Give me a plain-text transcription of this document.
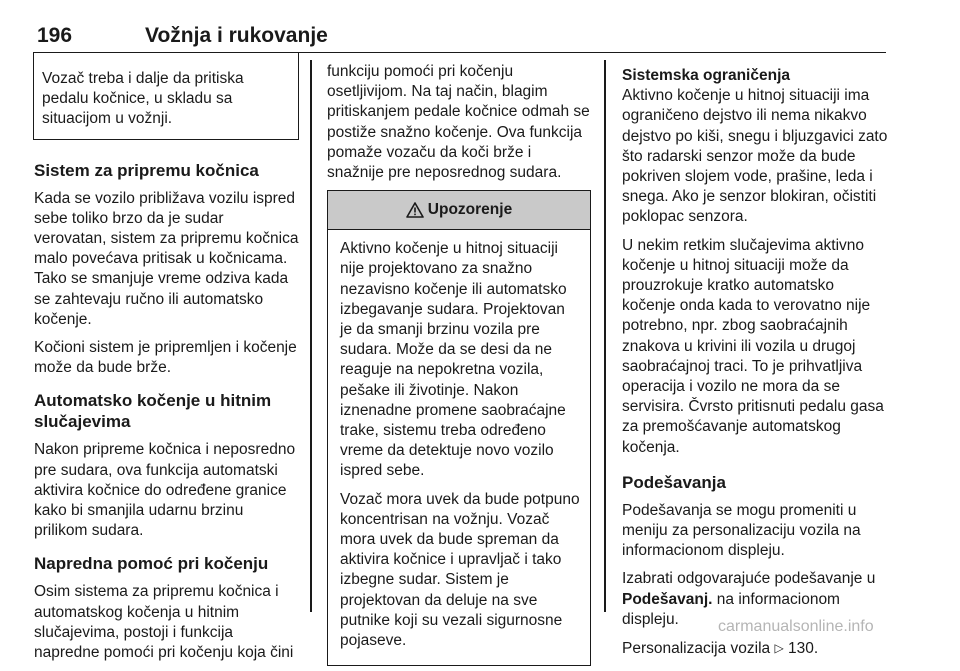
196	Vožnja i rukovanje

Vozač treba i dalje da pritiska pedalu kočnice, u skladu sa situacijom u vožnji.

Sistem za pripremu kočnica

Kada se vozilo približava vozilu ispred sebe toliko brzo da je sudar verovatan, sistem za pripremu kočnica malo povećava pritisak u kočnicama. Tako se smanjuje vreme odziva kada se zahtevaju ručno ili automatsko kočenje.

Kočioni sistem je pripremljen i kočenje može da bude brže.

Automatsko kočenje u hitnim slučajevima

Nakon pripreme kočnica i neposredno pre sudara, ova funkcija automatski aktivira kočnice do određene granice kako bi smanjila udarnu brzinu prilikom sudara.

Napredna pomoć pri kočenju

Osim sistema za pripremu kočnica i automatskog kočenja u hitnim slučajevima, postoji i funkcija napredne pomoći pri kočenju koja čini

funkciju pomoći pri kočenju osetljivijom. Na taj način, blagim pritiskanjem pedale kočnice odmah se postiže snažno kočenje. Ova funkcija pomaže vozaču da koči brže i snažnije pre neposrednog sudara.

Upozorenje

Aktivno kočenje u hitnoj situaciji nije projektovano za snažno nezavisno kočenje ili automatsko izbegavanje sudara. Projektovan je da smanji brzinu vozila pre sudara. Može da se desi da ne reaguje na nepokretna vozila, pešake ili životinje. Nakon iznenadne promene saobraćajne trake, sistemu treba određeno vreme da detektuje novo vozilo ispred sebe.

Vozač mora uvek da bude potpuno koncentrisan na vožnju. Vozač mora uvek da bude spreman da aktivira kočnice i upravljač i tako izbegne sudar. Sistem je projektovan da deluje na sve putnike koji su vezali sigurnosne pojaseve.

Sistemska ograničenja

Aktivno kočenje u hitnoj situaciji ima ograničeno dejstvo ili nema nikakvo dejstvo po kiši, snegu i bljuzgavici zato što radarski senzor može da bude pokriven slojem vode, prašine, leda i snega. Ako je senzor blokiran, očistiti poklopac senzora.

U nekim retkim slučajevima aktivno kočenje u hitnoj situaciji može da prouzrokuje kratko automatsko kočenje onda kada to verovatno nije potrebno, npr. zbog saobraćajnih znakova u krivini ili vozila u drugoj saobraćajnoj traci. To je prihvatljiva operacija i vozilo ne mora da se servisira. Čvrsto pritisnuti pedalu gasa za premošćavanje automatskog kočenja.

Podešavanja

Podešavanja se mogu promeniti u meniju za personalizaciju vozila na informacionom displeju.

Izabrati odgovarajuće podešavanje u Podešavanj. na informacionom displeju.

Personalizacija vozila ▷ 130.

carmanualsonline.info
